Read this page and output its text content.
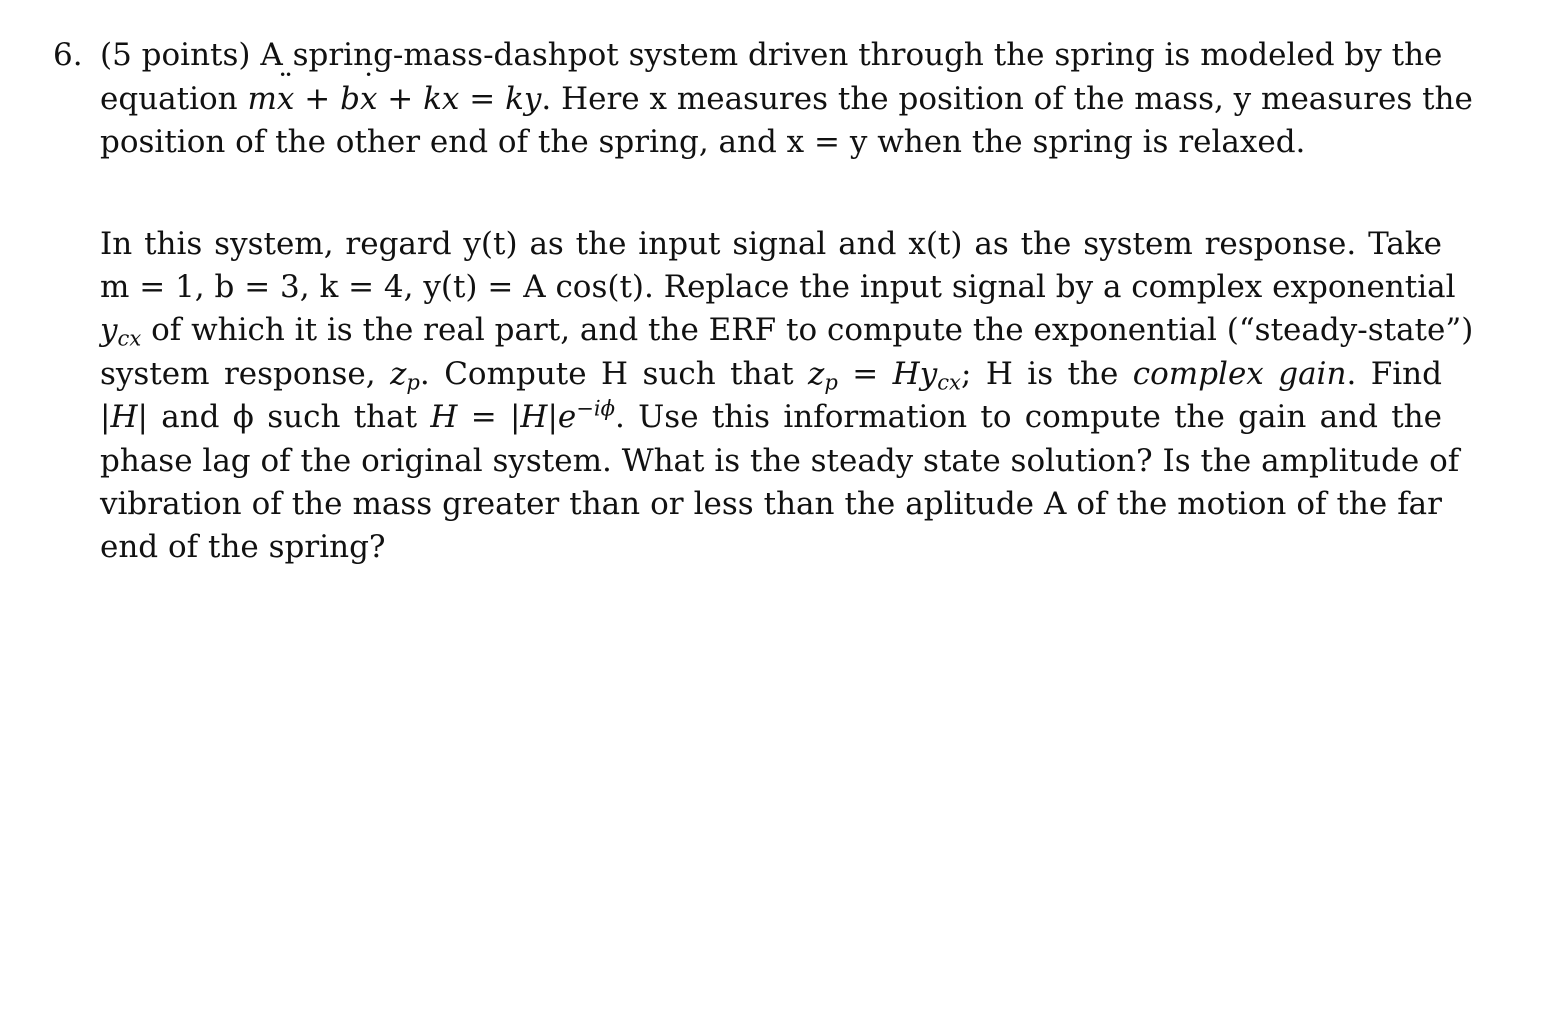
6. (5 points) A spring-mass-dashpot system driven through the spring is modeled by the
equation mx ¨ + bx ˙ + kx = ky. Here x measures the position of the mass, y measures the
position of the other end of the spring, and x = y when the spring is relaxed.
In this system, regard y(t) as the input signal and x(t) as the system response. Take
m = 1, b = 3, k = 4, y(t) = A cos(t). Replace the input signal by a complex exponential
$y_{cx}$ of which it is the real part, and the ERF to compute the exponential (“steady-state”)
system response, $z_p$. Compute H such that $z_p = Hy_{cx}$; H is the complex gain. Find
|H| and ϕ such that $H = |H|e^{-i\phi}$. Use this information to compute the gain and the
phase lag of the original system. What is the steady state solution? Is the amplitude of
vibration of the mass greater than or less than the aplitude A of the motion of the far
end of the spring?
